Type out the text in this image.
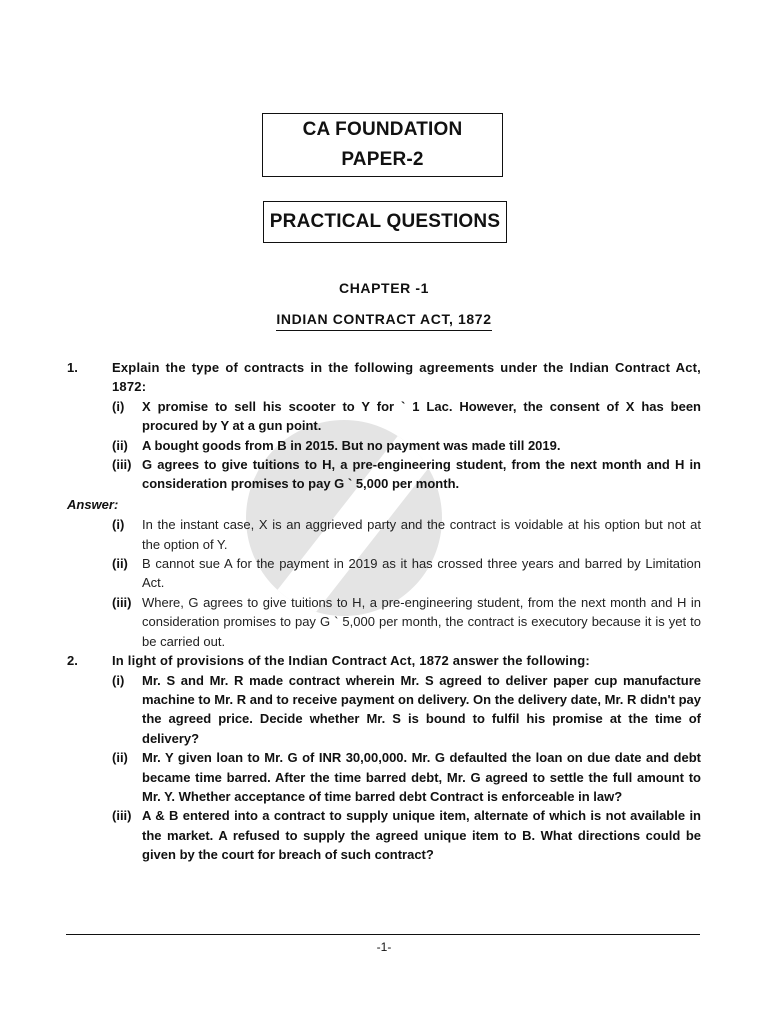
CA FOUNDATION
PAPER-2
PRACTICAL QUESTIONS
CHAPTER -1
INDIAN CONTRACT ACT, 1872
1.	Explain the type of contracts in the following agreements under the Indian Contract Act, 1872:
(i)	X promise to sell his scooter to Y for ` 1 Lac. However, the consent of X has been procured by Y at a gun point.
(ii)	A bought goods from B in 2015. But no payment was made till 2019.
(iii) G agrees to give tuitions to H, a pre-engineering student, from the next month and H in consideration promises to pay G ` 5,000 per month.
Answer:
(i)	In the instant case, X is an aggrieved party and the contract is voidable at his option but not at the option of Y.
(ii)	B cannot sue A for the payment in 2019 as it has crossed three years and barred by Limitation Act.
(iii) Where, G agrees to give tuitions to H, a pre-engineering student, from the next month and H in consideration promises to pay G ` 5,000 per month, the contract is executory because it is yet to be carried out.
2.	In light of provisions of the Indian Contract Act, 1872 answer the following:
(i)	Mr. S and Mr. R made contract wherein Mr. S agreed to deliver paper cup manufacture machine to Mr. R and to receive payment on delivery. On the delivery date, Mr. R didn't pay the agreed price. Decide whether Mr. S is bound to fulfil his promise at the time of delivery?
(ii)	Mr. Y given loan to Mr. G of INR 30,00,000. Mr. G defaulted the loan on due date and debt became time barred. After the time barred debt, Mr. G agreed to settle the full amount to Mr. Y. Whether acceptance of time barred debt Contract is enforceable in law?
(iii) A & B entered into a contract to supply unique item, alternate of which is not available in the market. A refused to supply the agreed unique item to B. What directions could be given by the court for breach of such contract?
-1-
